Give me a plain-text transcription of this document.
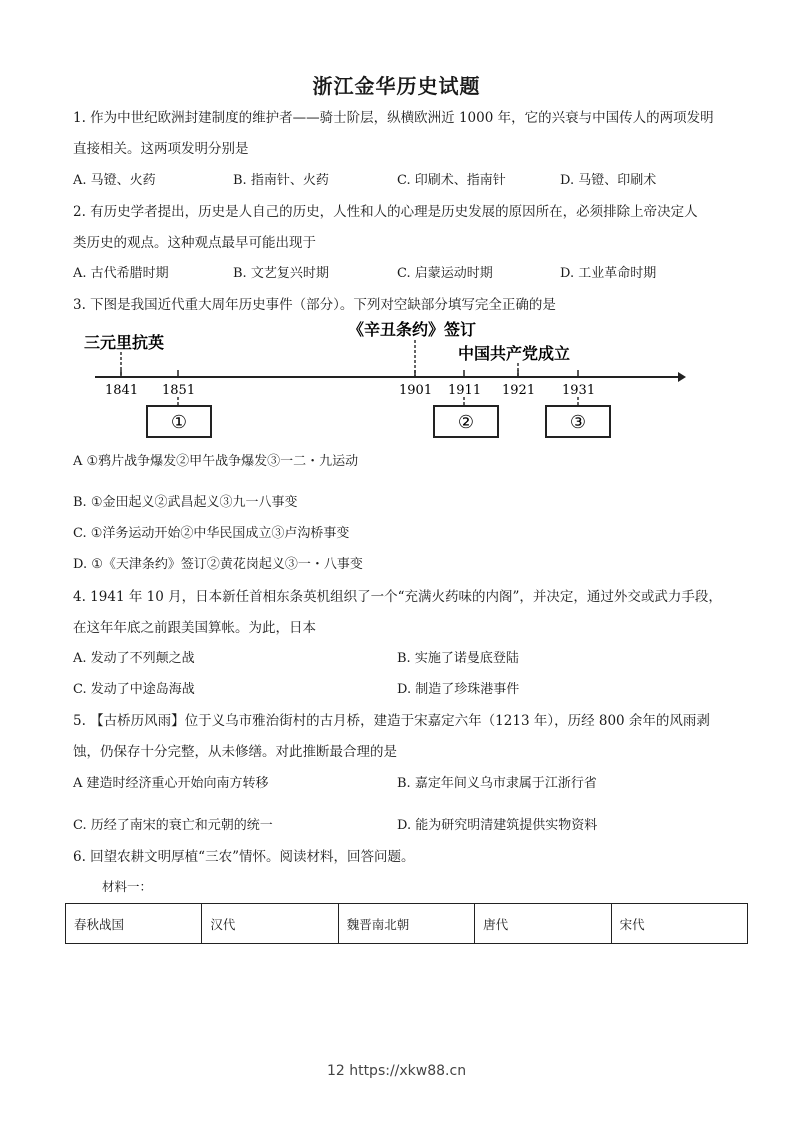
浙江金华历史试题
1. 作为中世纪欧洲封建制度的维护者——骑士阶层，纵横欧洲近 1000 年，它的兴衰与中国传人的两项发明
直接相关。这两项发明分别是
A. 马镫、火药	B. 指南针、火药	C. 印刷术、指南针	D. 马镫、印刷术
2. 有历史学者提出，历史是人自己的历史，人性和人的心理是历史发展的原因所在，必须排除上帝决定人
类历史的观点。这种观点最早可能出现于
A. 古代希腊时期	B. 文艺复兴时期	C. 启蒙运动时期	D. 工业革命时期
3. 下图是我国近代重大周年历史事件（部分）。下列对空缺部分填写完全正确的是
三元里抗英
《辛丑条约》签订
中国共产党成立
1841 1851	1901 1911 1921 1931
①	②	③
A ①鸦片战争爆发②甲午战争爆发③一二・九运动
B. ①金田起义②武昌起义③九一八事变
C. ①洋务运动开始②中华民国成立③卢沟桥事变
D. ①《天津条约》签订②黄花岗起义③一・八事变
4. 1941 年 10 月，日本新任首相东条英机组织了一个“充满火药味的内阁”，并决定，通过外交或武力手段，
在这年年底之前跟美国算帐。为此，日本
A. 发动了不列颠之战	B. 实施了诺曼底登陆
C. 发动了中途岛海战	D. 制造了珍珠港事件
5. 【古桥历风雨】位于义乌市雅治街村的古月桥，建造于宋嘉定六年（1213 年），历经 800 余年的风雨剥
蚀，仍保存十分完整，从未修缮。对此推断最合理的是
A 建造时经济重心开始向南方转移	B. 嘉定年间义乌市隶属于江浙行省
C. 历经了南宋的衰亡和元朝的统一	D. 能为研究明清建筑提供实物资料
6. 回望农耕文明厚植“三农”情怀。阅读材料，回答问题。
材料一：
春秋战国	汉代	魏晋南北朝	唐代	宋代
12 https://xkw88.cn
